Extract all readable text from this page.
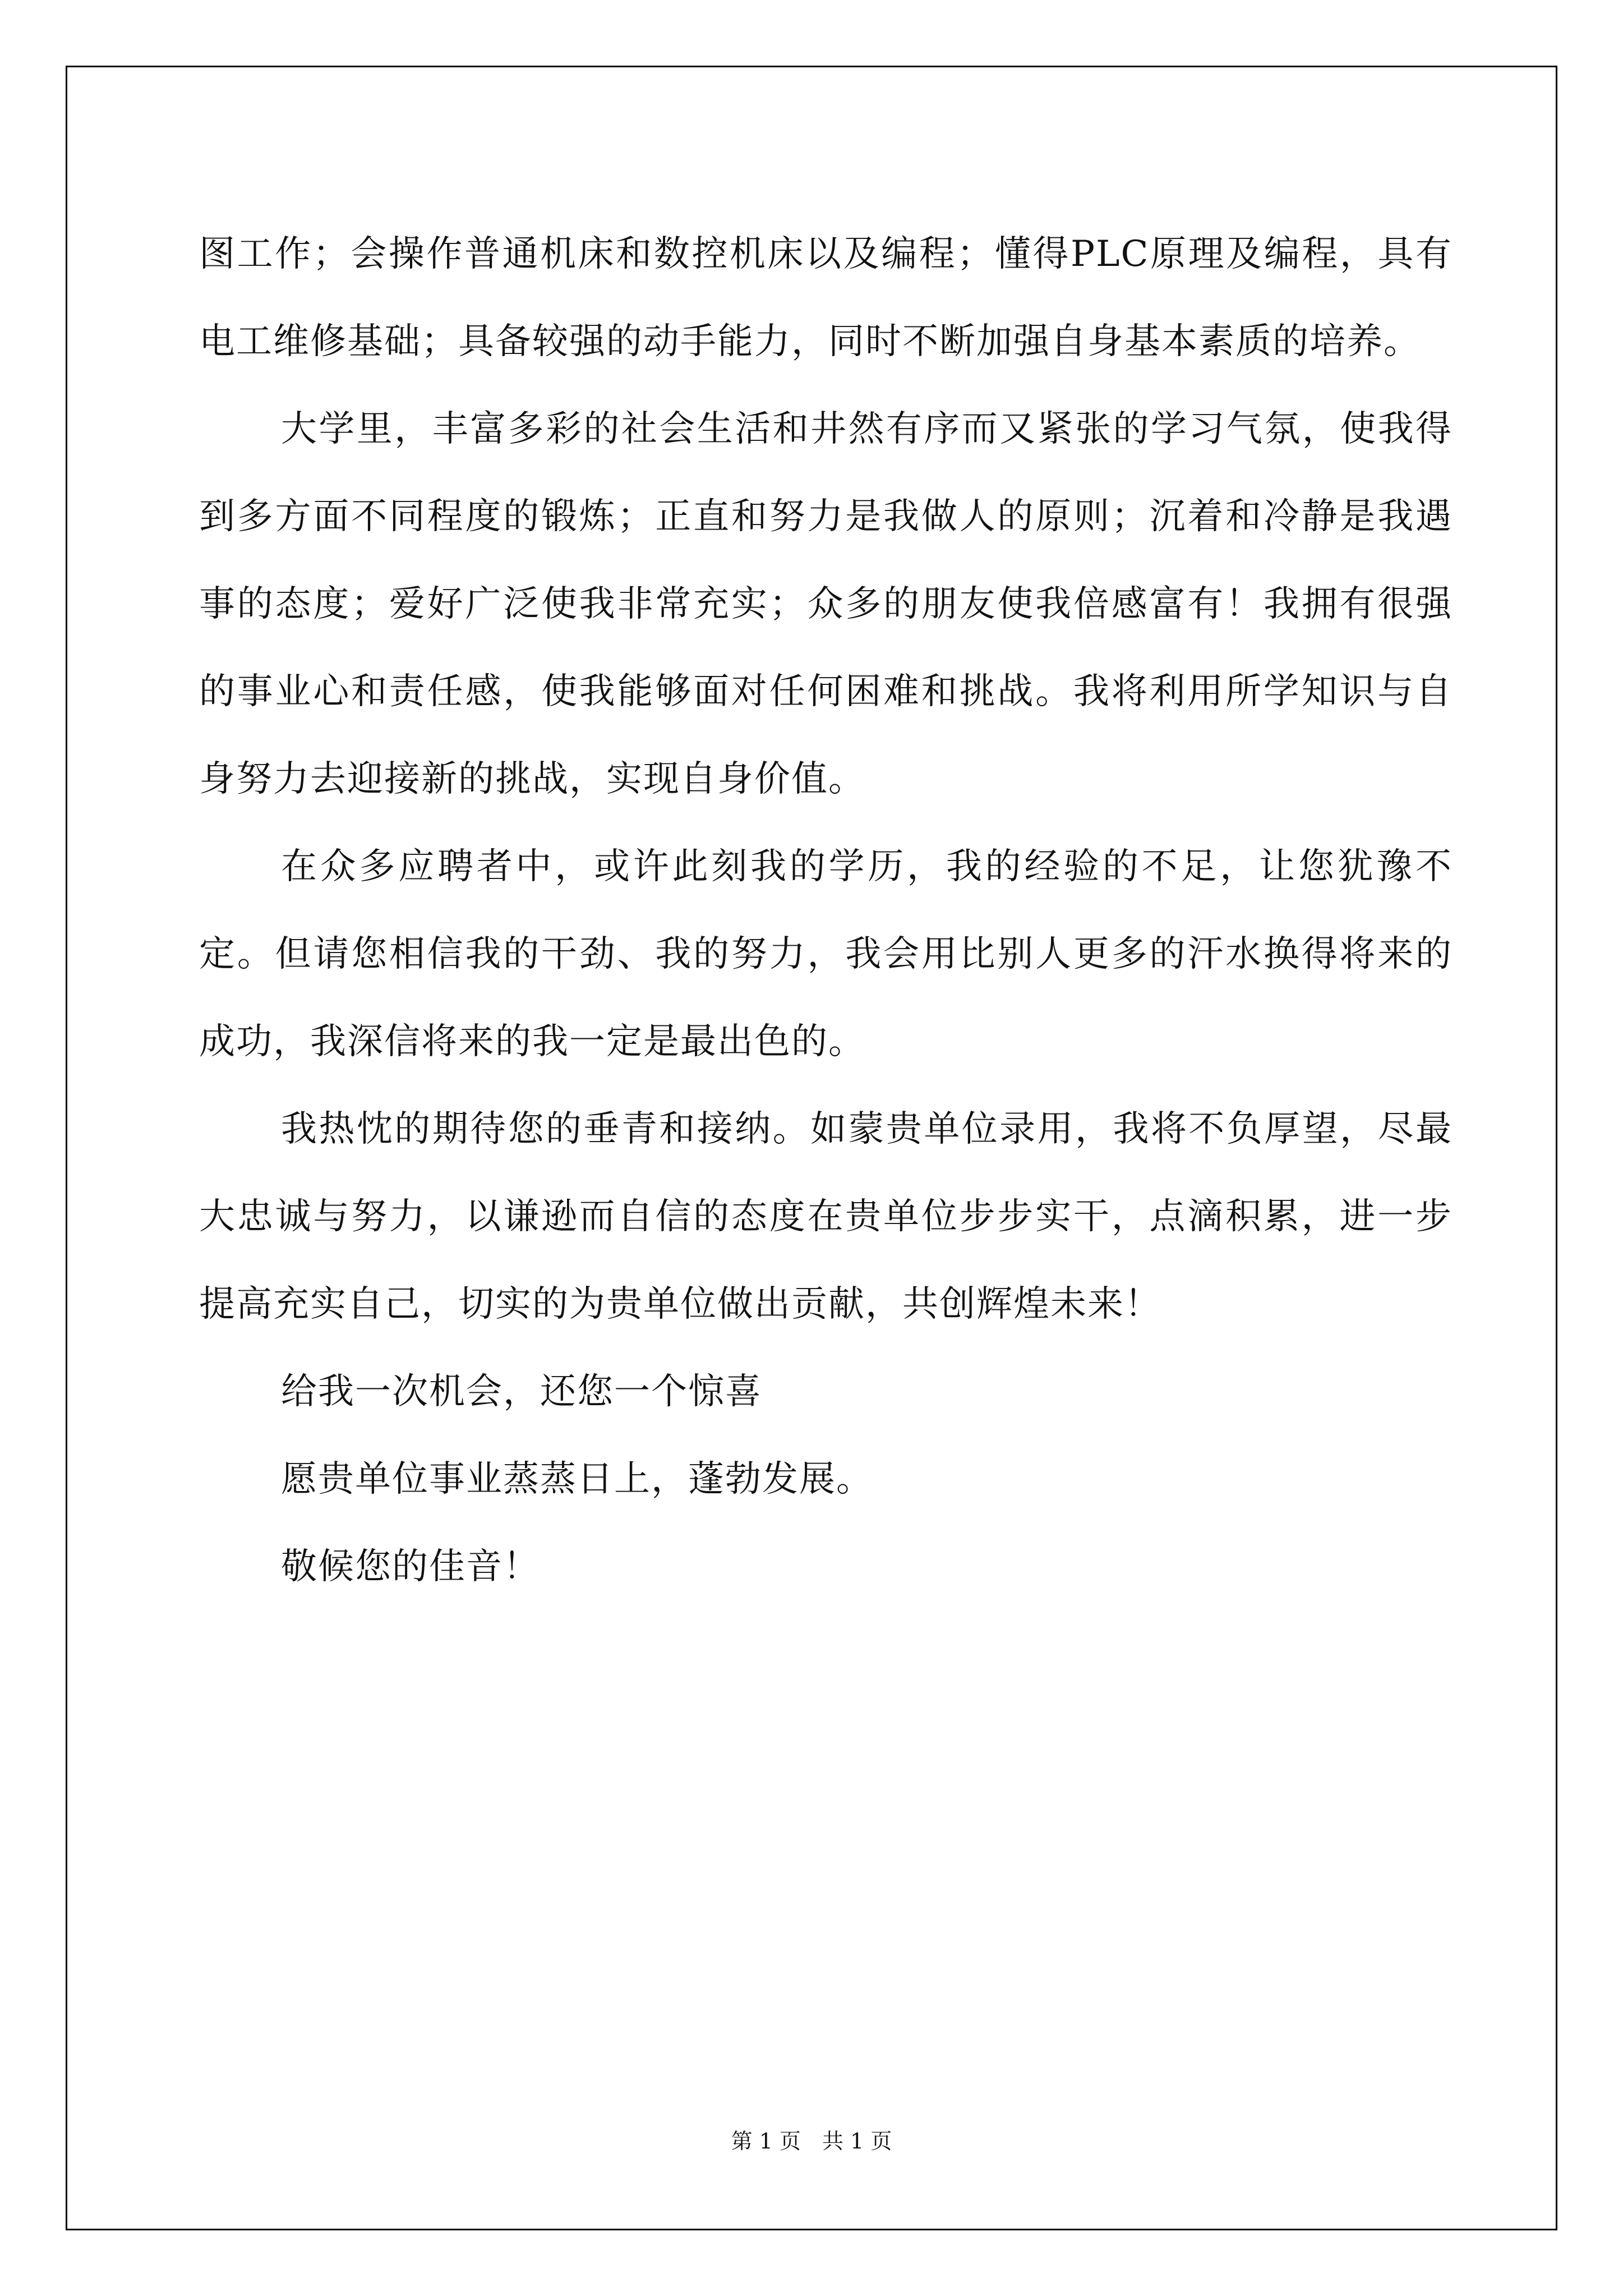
图工作；会操作普通机床和数控机床以及编程；懂得PLC原理及编程，具有电工维修基础；具备较强的动手能力，同时不断加强自身基本素质的培养。

大学里，丰富多彩的社会生活和井然有序而又紧张的学习气氛，使我得到多方面不同程度的锻炼；正直和努力是我做人的原则；沉着和冷静是我遇事的态度；爱好广泛使我非常充实；众多的朋友使我倍感富有！我拥有很强的事业心和责任感，使我能够面对任何困难和挑战。我将利用所学知识与自身努力去迎接新的挑战，实现自身价值。

在众多应聘者中，或许此刻我的学历，我的经验的不足，让您犹豫不定。但请您相信我的干劲、我的努力，我会用比别人更多的汗水换得将来的成功，我深信将来的我一定是最出色的。

我热忱的期待您的垂青和接纳。如蒙贵单位录用，我将不负厚望，尽最大忠诚与努力，以谦逊而自信的态度在贵单位步步实干，点滴积累，进一步提高充实自己，切实的为贵单位做出贡献，共创辉煌未来！

给我一次机会，还您一个惊喜

愿贵单位事业蒸蒸日上，蓬勃发展。

敬候您的佳音！

第 1 页　共 1 页
